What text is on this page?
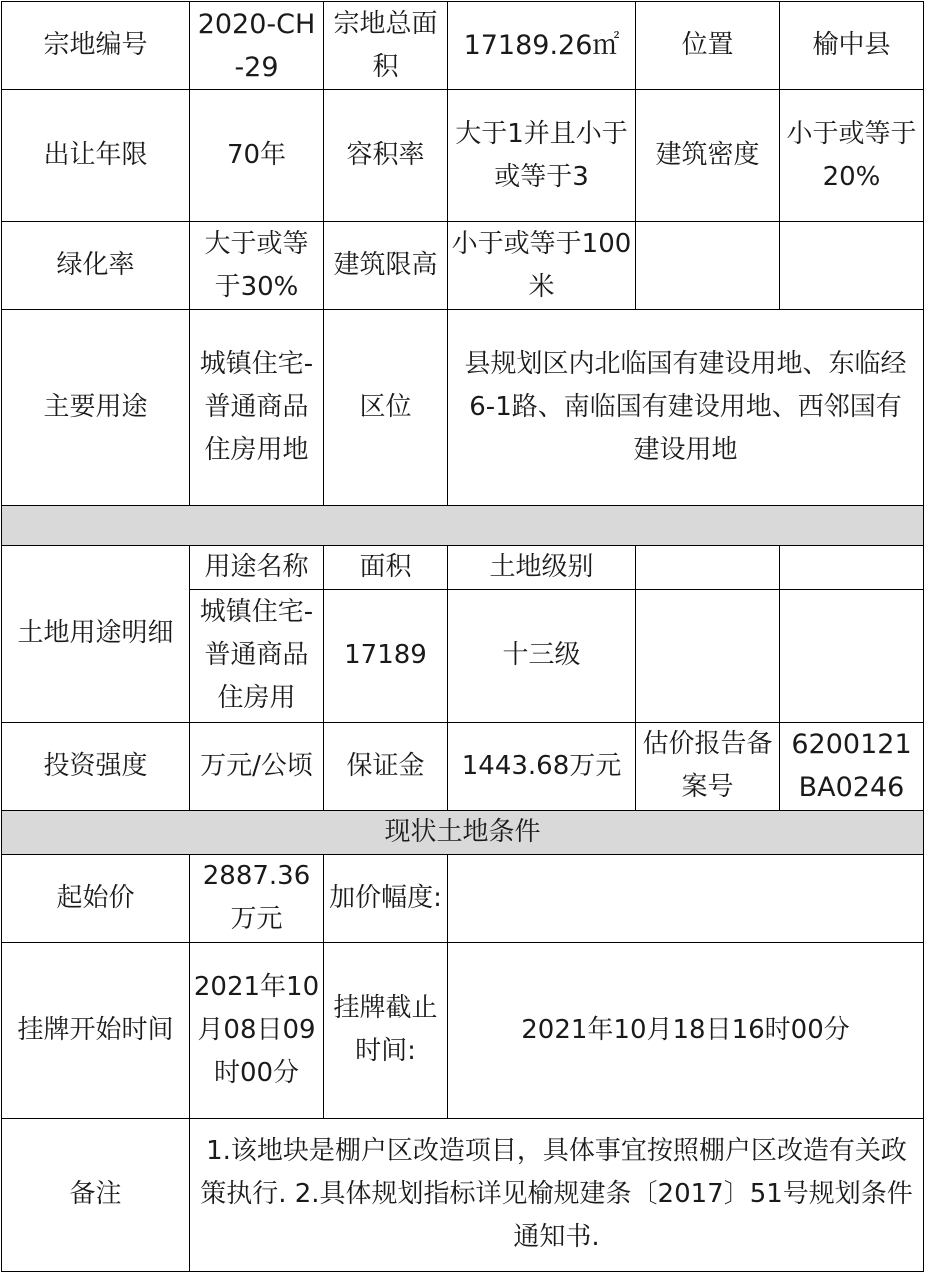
宗地编号	2020-CH-29	宗地总面积	17189.26㎡	位置	榆中县
出让年限	70年	容积率	大于1并且小于或等于3	建筑密度	小于或等于20%
绿化率	大于或等于30%	建筑限高	小于或等于100米		
主要用途	城镇住宅-普通商品住房用地	区位	县规划区内北临国有建设用地、东临经6-1路、南临国有建设用地、西邻国有建设用地		

土地用途明细	用途名称	面积	土地级别		
	城镇住宅-普通商品住房用	17189	十三级		
投资强度	万元/公顷	保证金	1443.68万元	估价报告备案号	6200121BA0246
现状土地条件					
起始价	2887.36万元	加价幅度:			
挂牌开始时间	2021年10月08日09时00分	挂牌截止时间:	2021年10月18日16时00分		
备注	1.该地块是棚户区改造项目，具体事宜按照棚户区改造有关政策执行. 2.具体规划指标详见榆规建条〔2017〕51号规划条件通知书.				
